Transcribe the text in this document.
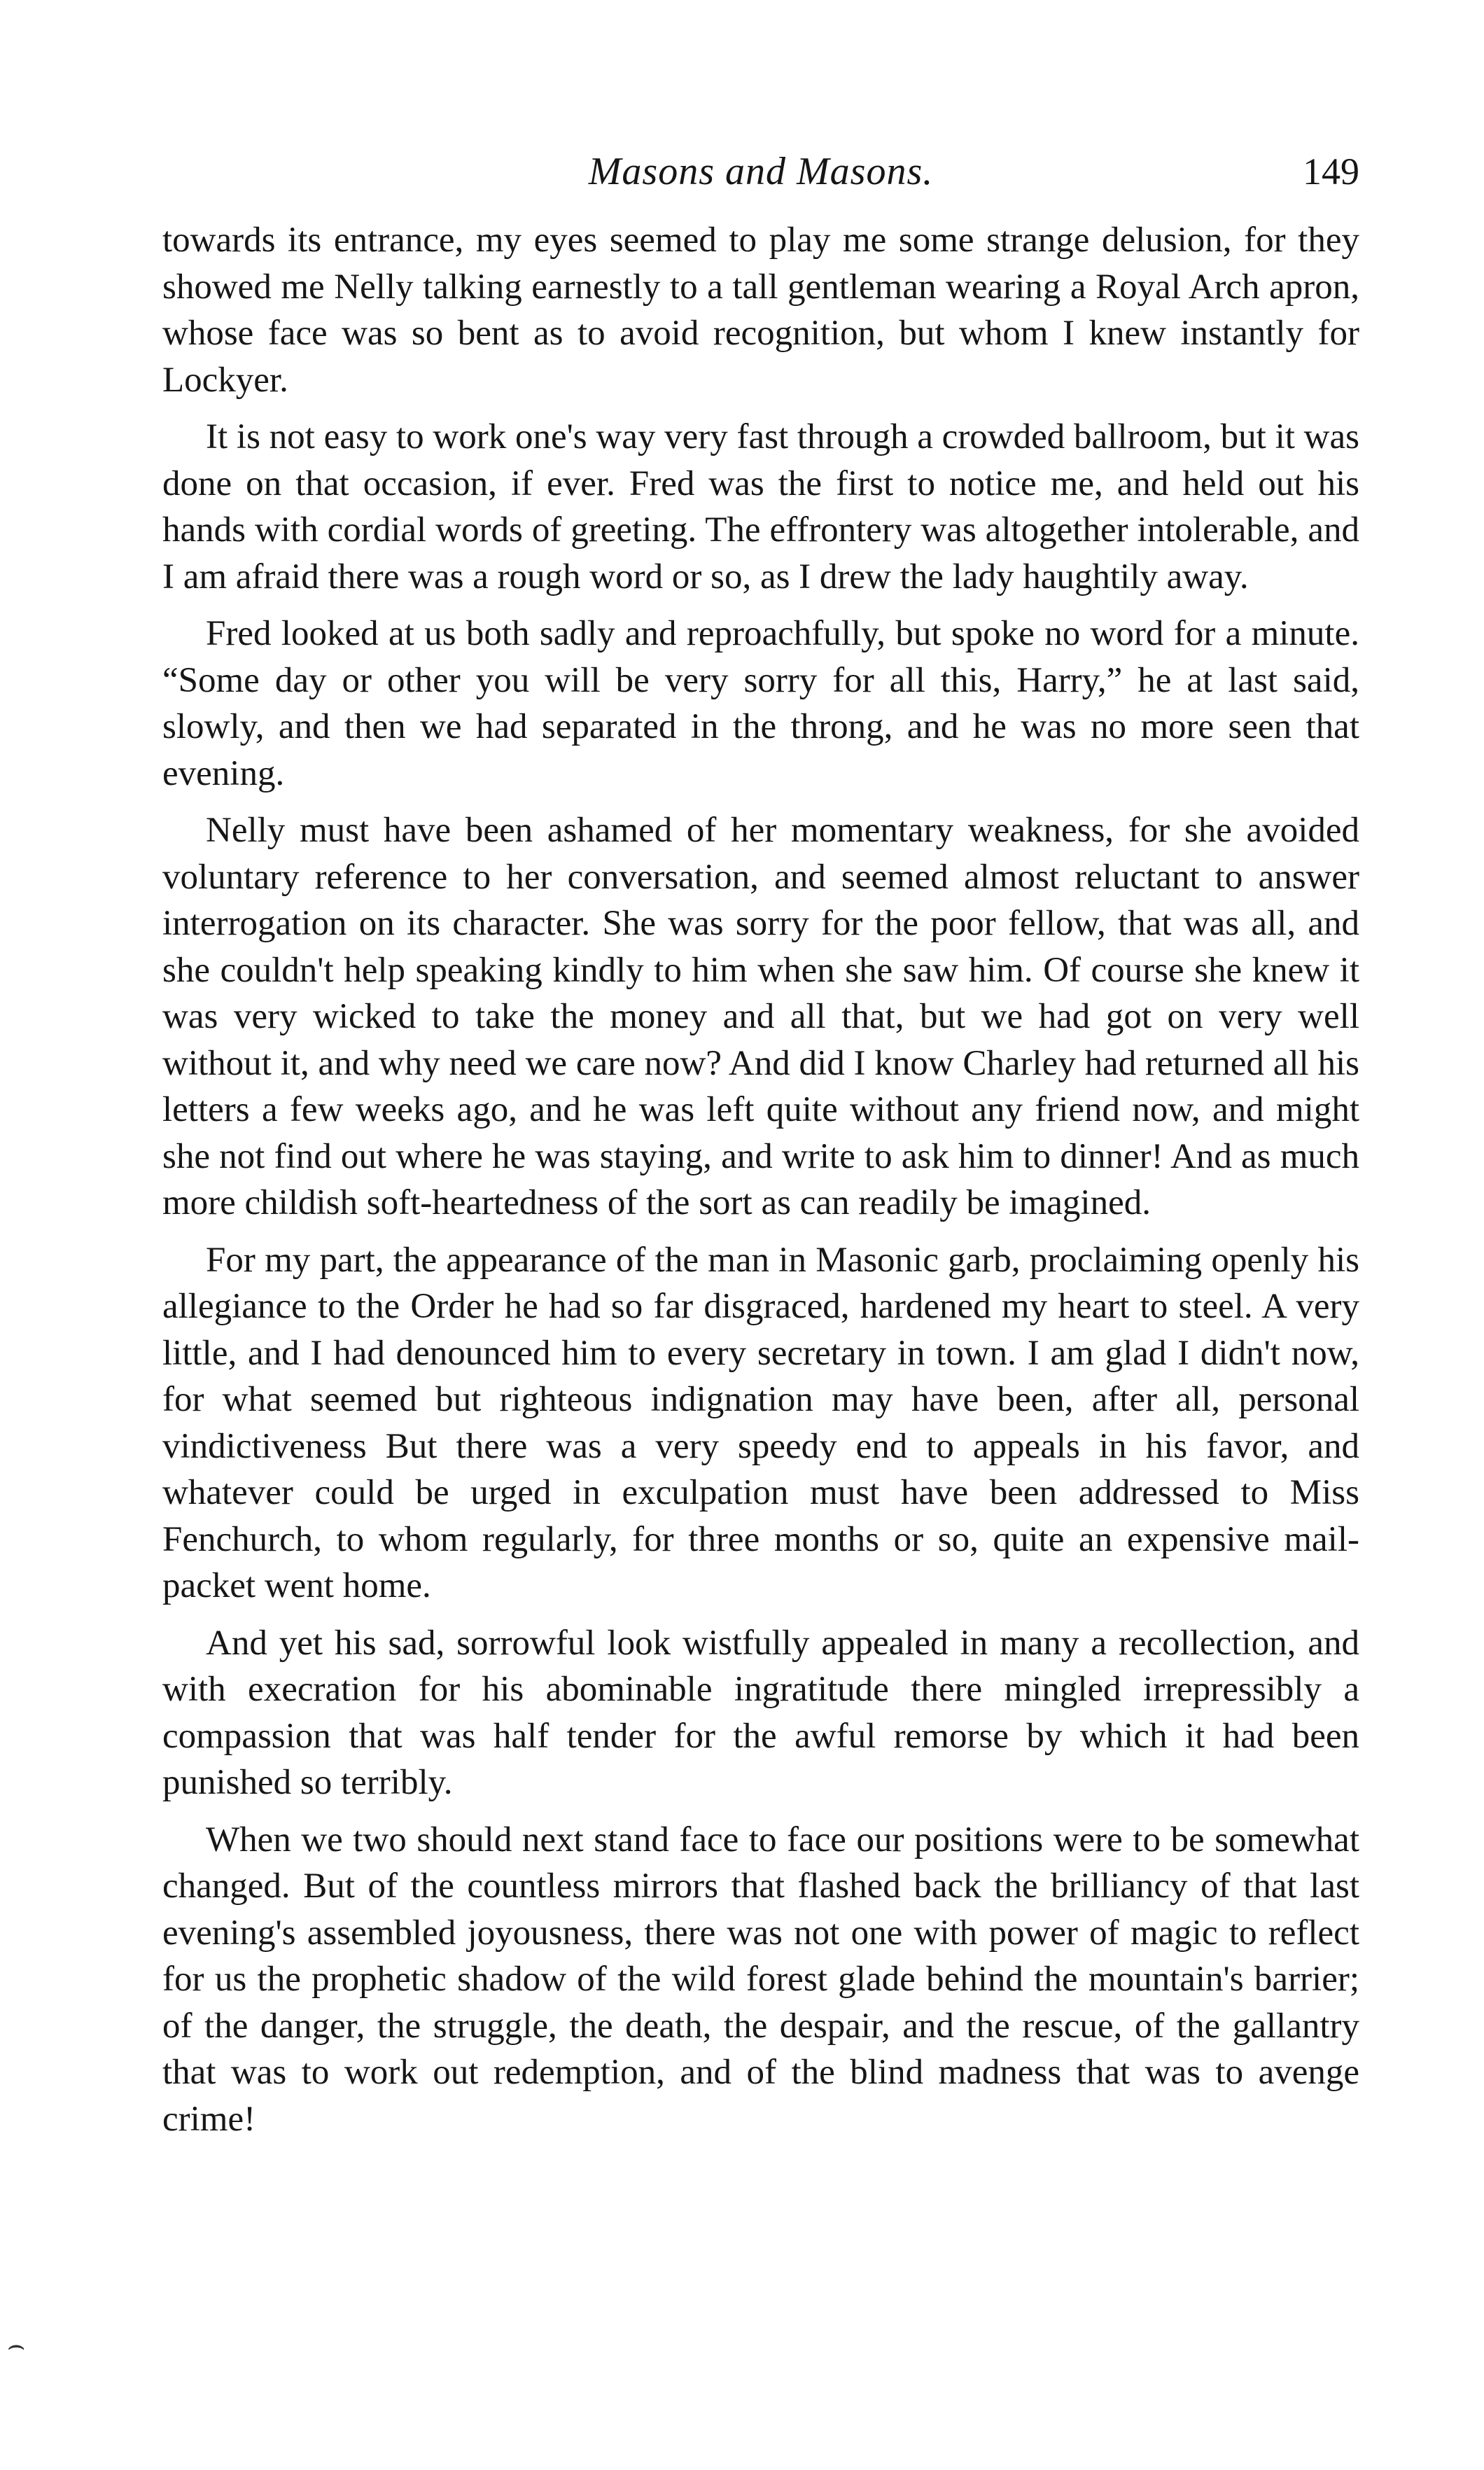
Masons and Masons.	149

towards its entrance, my eyes seemed to play me some strange delusion, for they showed me Nelly talking earnestly to a tall gentleman wearing a Royal Arch apron, whose face was so bent as to avoid recognition, but whom I knew instantly for Lockyer.

It is not easy to work one's way very fast through a crowded ballroom, but it was done on that occasion, if ever. Fred was the first to notice me, and held out his hands with cordial words of greeting. The effrontery was altogether intolerable, and I am afraid there was a rough word or so, as I drew the lady haughtily away.

Fred looked at us both sadly and reproachfully, but spoke no word for a minute. “Some day or other you will be very sorry for all this, Harry,” he at last said, slowly, and then we had separated in the throng, and he was no more seen that evening.

Nelly must have been ashamed of her momentary weakness, for she avoided voluntary reference to her conversation, and seemed almost reluctant to answer interrogation on its character. She was sorry for the poor fellow, that was all, and she couldn't help speaking kindly to him when she saw him. Of course she knew it was very wicked to take the money and all that, but we had got on very well without it, and why need we care now? And did I know Charley had returned all his letters a few weeks ago, and he was left quite without any friend now, and might she not find out where he was staying, and write to ask him to dinner! And as much more childish soft-heartedness of the sort as can readily be imagined.

For my part, the appearance of the man in Masonic garb, proclaiming openly his allegiance to the Order he had so far disgraced, hardened my heart to steel. A very little, and I had denounced him to every secretary in town. I am glad I didn't now, for what seemed but righteous indignation may have been, after all, personal vindictiveness But there was a very speedy end to appeals in his favor, and whatever could be urged in exculpation must have been addressed to Miss Fenchurch, to whom regularly, for three months or so, quite an expensive mail-packet went home.

And yet his sad, sorrowful look wistfully appealed in many a recollection, and with execration for his abominable ingratitude there mingled irrepressibly a compassion that was half tender for the awful remorse by which it had been punished so terribly.

When we two should next stand face to face our positions were to be somewhat changed. But of the countless mirrors that flashed back the brilliancy of that last evening's assembled joyousness, there was not one with power of magic to reflect for us the prophetic shadow of the wild forest glade behind the mountain's barrier; of the danger, the struggle, the death, the despair, and the rescue, of the gallantry that was to work out redemption, and of the blind madness that was to avenge crime!

⌢
